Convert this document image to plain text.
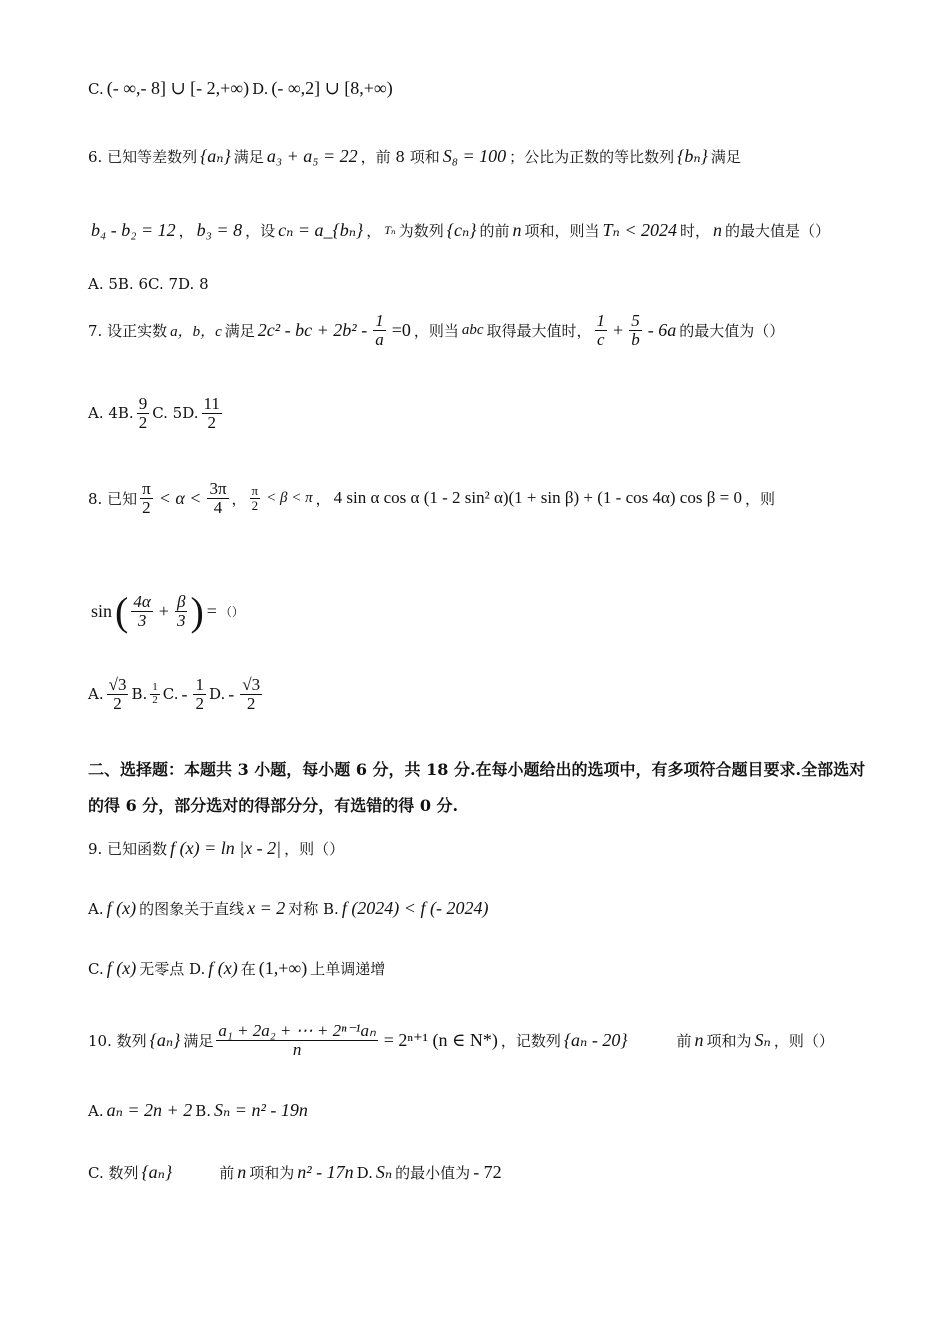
C. (- ∞,- 8] ∪ [- 2,+∞) D. (- ∞,2] ∪ [8,+∞)
6. 已知等差数列 {aₙ} 满足 a₃ + a₅ = 22 ，前 8 项和 S₈ = 100 ；公比为正数的等比数列 {bₙ} 满足
b₄ - b₂ = 12 ， b₃ = 8 ，设 cₙ = a_{bₙ} ， Tₙ 为数列 {cₙ} 的前 n 项和，则当 Tₙ < 2024 时， n 的最大值是（）
A. 5B. 6C. 7D. 8
7. 设正实数 a，b，c 满足 2c² - bc + $2b^2 - \frac{1}{a} =0$ ，则当 abc 取得最大值时， $\frac{1}{c} + \frac{5}{b} - 6a$ 的最大值为（）
A. 4B. $\frac{9}{2} C$. 5D. $\frac{11}{2}$
8. 已知 $\frac{\pi}{2} < \alpha < \frac{3\pi}{4}$ ， $\frac{\pi}{2} < \beta < \pi$ ， 4 sin α cos α (1 - 2 sin² α)(1 + sin β) + (1 - cos 4α) cos β = 0 ，则
sin ( $\frac{4\alpha}{3} + \frac{\beta}{3}$ ) = （）
A. $\frac{√3}{2} B$. $\frac{1}{2} C$. - $\frac{1}{2} D$. - $\frac{√3}{2}$
二、选择题：本题共 3 小题，每小题 6 分，共 18 分.在每小题给出的选项中，有多项符合题目要求.全部选对的得 6 分，部分选对的得部分分，有选错的得 0 分.
9. 已知函数 f (x) = ln |x - 2| ，则（）
A. f (x) 的图象关于直线 x = 2 对称 B. f (2024) < f (- 2024)
C. f (x) 无零点 D. f (x) 在 (1,+∞) 上单调递增
10. 数列 {aₙ} 满足 $\frac{\text{a₁ + 2a₂ + ⋯ + 2ⁿ⁻¹aₙ}}{n} = 2^{n+1}$ (n ∈ N*) ，记数列 {aₙ - 20}	前 n 项和为 Sₙ ，则（）
A. aₙ = 2n + 2 B. Sₙ = n² - 19n
C. 数列 {aₙ}	前 n 项和为 n² - 17n D. Sₙ 的最小值为 - 72
